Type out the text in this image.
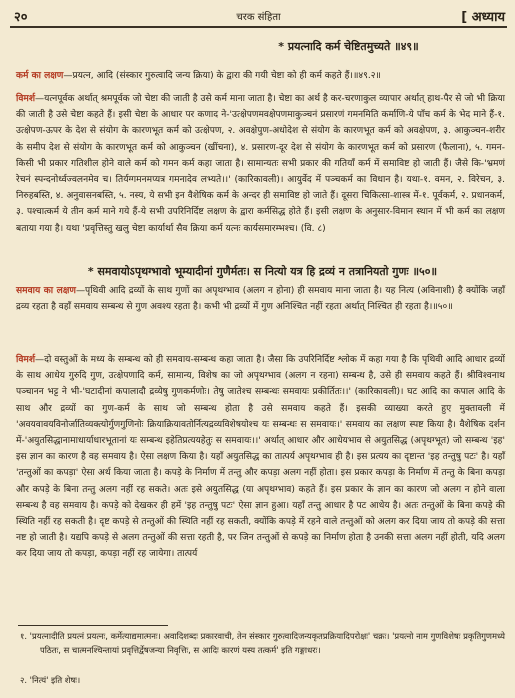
२०	चरक संहिता	[ अध्याय
* प्रयत्नादि कर्म चेष्टितमुच्यते ॥४९॥
कर्म का लक्षण—प्रयत्न, आदि (संस्कार गुरुत्वादि जन्य क्रिया) के द्वारा की गयी चेष्टा को ही कर्म कहते हैं।॥४९.२॥
विमर्श—यत्नपूर्वक अर्थात् श्रमपूर्वक जो चेष्टा की जाती है उसे कर्म माना जाता है। चेष्टा का अर्थ है कर-चरणाकुल व्यापार अर्थात् हाथ-पैर से जो भी क्रिया की जाती है उसे चेष्टा कहते हैं। इसी चेष्टा के आधार पर कणाद ने-'उत्क्षेपणमवक्षेपणमाकुञ्चनं प्रसारणं गमनमिति कर्माणि-ये पाँच कर्म के भेद माने हैं-१. उत्क्षेपण-ऊपर के देश से संयोग के कारणभूत कर्म को उत्क्षेपण, २. अवक्षेपुण-अधोदेश से संयोग के कारणभूत कर्म को अवक्षेपण, ३. आकुञ्चन-शरीर के समीप देश से संयोग के कारणभूत कर्म को आकुञ्चन (खींचना), ४. प्रसारण-दूर देश से संयोग के कारणभूत कर्म को प्रसारण (फैलाना), ५. गमन-किसी भी प्रकार गतिशील होने वाले कर्म को गमन कर्म कहा जाता है। सामान्यतः सभी प्रकार की गतियाँ कर्म में समाविष्ट हो जाती हैं। जैसे कि-'भ्रमणं रेचनं स्पन्दनोर्ध्वज्वलनमेव च। तिर्यग्गमनमप्यत्र गमनादेव लभ्यते।।' (कारिकावली)। आयुर्वेद में पञ्चकर्म का विधान है। यथा-१. वमन, २. विरेचन, ३. निरुहबस्ति, ४. अनुवासनबस्ति, ५. नस्य, ये सभी इन वैशेषिक कर्म के अन्दर ही समाविष्ट हो जाते हैं। दूसरा चिकित्सा-शास्त्र में-१. पूर्वकर्म, २. प्रधानकर्म, ३. पश्चात्कर्म ये तीन कर्म माने गये हैं-ये सभी उपरिनिर्दिष्ट लक्षण के द्वारा कर्मसिद्ध होते हैं। इसी लक्षण के अनुसार-विमान स्थान में भी कर्म का लक्षण बताया गया है। यथा 'प्रवृत्तिस्तु खलु चेष्टा कार्यार्था सैव क्रिया कर्म यत्नः कार्यसमारम्भश्च। (वि. ८)
* समवायोऽपृथग्भावो भूम्यादीनां गुणैर्मतः। स नित्यो यत्र हि द्रव्यं न तत्रानियतो गुणः ॥५०॥
समवाय का लक्षण—पृथिवी आदि द्रव्यों के साथ गुणों का अपृथग्भाव (अलग न होना) ही समवाय माना जाता है। यह नित्य (अविनाशी) है क्योंकि जहाँ द्रव्य रहता है वहाँ समवाय सम्बन्ध से गुण अवश्य रहता है। कभी भी द्रव्यों में गुण अनिश्चित नहीं रहता अर्थात् निश्चित ही रहता है।॥५०॥
विमर्श—दो वस्तुओं के मध्य के सम्बन्ध को ही समवाय-सम्बन्ध कहा जाता है। जैसा कि उपरिनिर्दिष्ट श्लोक में कहा गया है कि पृथिवी आदि आधार द्रव्यों के साथ आधेय गुरुदि गुण, उत्क्षेपणादि कर्म, सामान्य, विशेष का जो अपृथग्भाव (अलग न रहना) सम्बन्ध है, उसे ही समवाय कहते हैं। श्रीविश्वनाथ पञ्चानन भट्ट ने भी-'घटादीनां कपालादौ द्रव्येषु गुणकर्मणोः। तेषु जातेश्च सम्बन्धः समवायः प्रकीर्तितः।।' (कारिकावली)। घट आदि का कपाल आदि के साथ और द्रव्यों का गुण-कर्म के साथ जो सम्बन्ध होता है उसे समवाय कहते हैं। इसकी व्याख्या करते हुए मुक्तावली में 'अवयवावयविनोर्जातिव्यक्त्योर्गुणगुणिनोः क्रियाक्रियावतोर्नित्यद्रव्यविशेषयोश्च यः सम्बन्धः स समवायः।' समवाय का लक्षण स्पष्ट किया है। वैशेषिक दर्शन में-'अयुतसिद्धानामाधार्याधारभूतानां यः सम्बन्ध इहेतिप्रत्ययहेतुः स समवायः।।' अर्थात् आधार और आधेयभाव से अयुतसिद्ध (अपृथग्भूत) जो सम्बन्ध 'इह' इस ज्ञान का कारण है वह समवाय है। ऐसा लक्षण किया है। यहाँ अयुतसिद्ध का तात्पर्य अपृथग्भाव ही है। इस प्रत्यय का दृष्टान्त 'इह तन्तुषु पटः' है। यहाँ 'तन्तुओं का कपड़ा' ऐसा अर्थ किया जाता है। कपड़े के निर्माण में तन्तु और कपड़ा अलग नहीं होता। इस प्रकार कपड़ा के निर्माण में तन्तु के बिना कपड़ा और कपड़े के बिना तन्तु अलग नहीं रह सकते। अतः इसे अयुतसिद्ध (या अपृथग्भाव) कहते हैं। इस प्रकार के ज्ञान का कारण जो अलग न होने वाला सम्बन्ध है वह समवाय है। कपड़े को देखकर ही हमें 'इह तन्तुषु पटः' ऐसा ज्ञान हुआ। यहाँ तन्तु आधार है पट आधेय है। अतः तन्तुओं के बिना कपड़े की स्थिति नहीं रह सकती है। दृष्ट कपड़े से तन्तुओं की स्थिति नहीं रह सकती, क्योंकि कपड़े में रहने वाले तन्तुओं को अलग कर दिया जाय तो कपड़े की सत्ता नष्ट हो जाती है। यद्यपि कपड़े से अलग तन्तुओं की सत्ता रहती है, पर जिन तन्तुओं से कपड़े का निर्माण होता है उनकी सत्ता अलग नहीं होती, यदि अलग कर दिया जाय तो कपड़ा, कपड़ा नहीं रह जायेगा। तात्पर्य
१. 'प्रयत्नादीति प्रयत्नं प्रयत्नः, कर्मेत्याद्यमात्मनः। अवादिशब्दः प्रकारवाची, तेन संस्कार गुरुत्वादिजन्यकृतप्रक्रियादिपरोक्षः' चक्रः। 'प्रयत्नो नाम गुणविशेषः प्रकृतिगुणमध्ये पठितः, स चात्मनश्चिन्तायां प्रवृत्तिर्द्वेषजन्या निवृत्तिः, स आदिः कारणं यस्य तत्कर्म' इति गङ्गाधरः।
२. 'नित्यं' इति शेषः।
